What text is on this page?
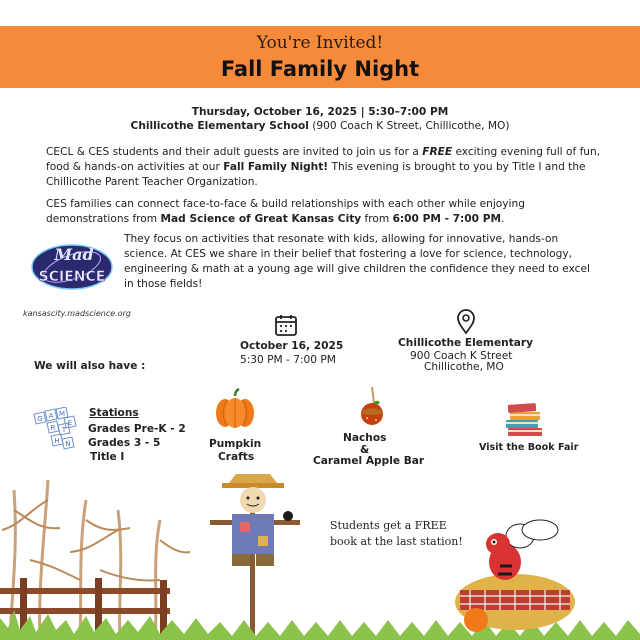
You're Invited!
Fall Family Night
Thursday, October 16, 2025 | 5:30–7:00 PM
Chillicothe Elementary School (900 Coach K Street, Chillicothe, MO)
CECL & CES students and their adult guests are invited to join us for a FREE exciting evening full of fun, food & hands-on activities at our Fall Family Night! This evening is brought to you by Title I and the Chillicothe Parent Teacher Organization.
CES families can connect face-to-face & build relationships with each other while enjoying demonstrations from Mad Science of Great Kansas City from 6:00 PM - 7:00 PM.
They focus on activities that resonate with kids, allowing for innovative, hands-on science. At CES we share in their belief that fostering a love for science, technology, engineering & math at a young age will give children the confidence they need to excel in those fields!
Mad
SCIENCE
kansascity.madscience.org
October 16, 2025
5:30 PM - 7:00 PM
Chillicothe Elementary
900 Coach K Street
Chillicothe, MO
We will also have :
G A M
E
R T
H N
Stations
Grades Pre-K - 2
Grades 3 - 5
Title I
Pumpkin
Crafts
Nachos
&
Caramel Apple Bar
Visit the Book Fair
Students get a FREE
book at the last station!
